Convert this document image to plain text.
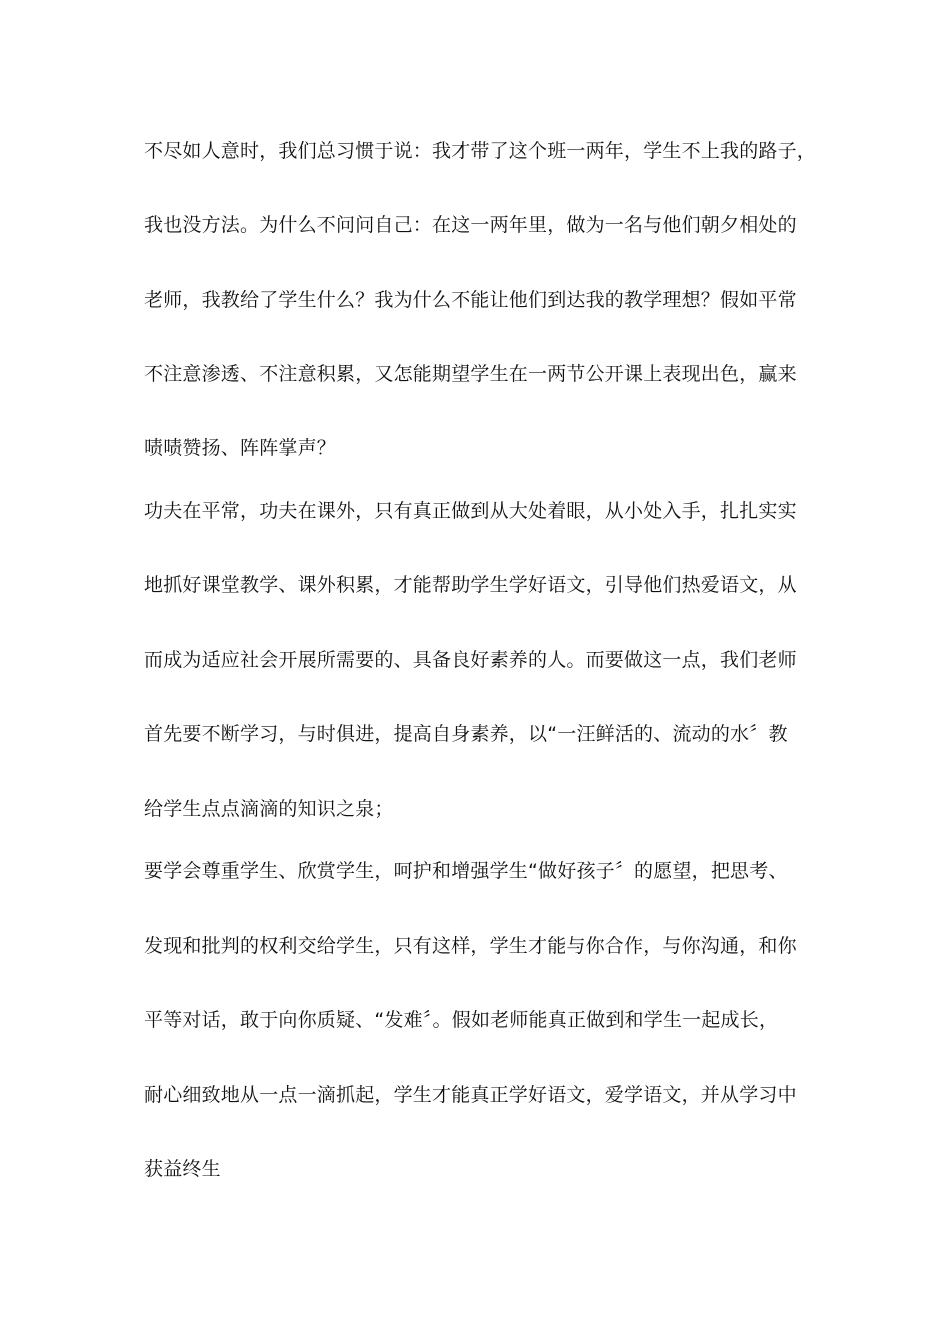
不尽如人意时，我们总习惯于说：我才带了这个班一两年，学生不上我的路子，
我也没方法。为什么不问问自己：在这一两年里，做为一名与他们朝夕相处的
老师，我教给了学生什么？我为什么不能让他们到达我的教学理想？假如平常
不注意渗透、不注意积累，又怎能期望学生在一两节公开课上表现出色，赢来
啧啧赞扬、阵阵掌声？
功夫在平常，功夫在课外，只有真正做到从大处着眼，从小处入手，扎扎实实
地抓好课堂教学、课外积累，才能帮助学生学好语文，引导他们热爱语文，从
而成为适应社会开展所需要的、具备良好素养的人。而要做这一点，我们老师
首先要不断学习，与时俱进，提高自身素养，以“一汪鲜活的、流动的水〞教
给学生点点滴滴的知识之泉；
要学会尊重学生、欣赏学生，呵护和增强学生“做好孩子〞的愿望，把思考、
发现和批判的权利交给学生，只有这样，学生才能与你合作，与你沟通，和你
平等对话，敢于向你质疑、“发难〞。假如老师能真正做到和学生一起成长，
耐心细致地从一点一滴抓起，学生才能真正学好语文，爱学语文，并从学习中
获益终生
